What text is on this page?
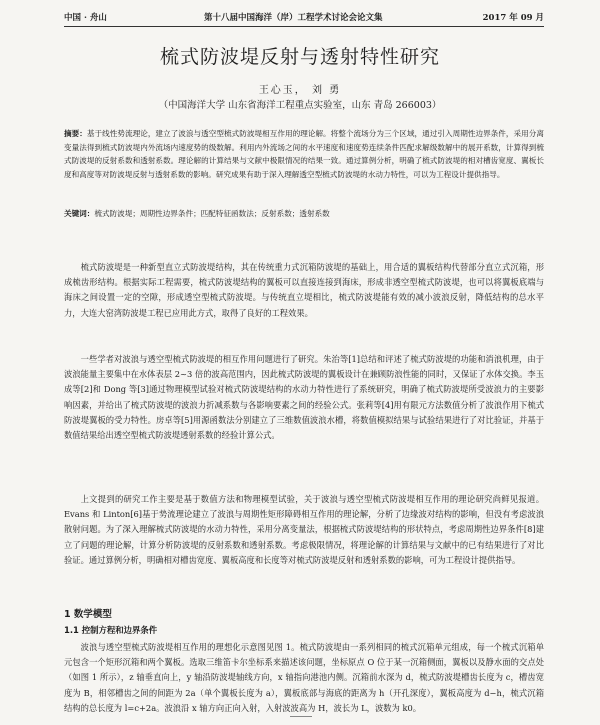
中国 · 舟山	第十八届中国海洋（岸）工程学术讨论会论文集	2017 年 09 月
梳式防波堤反射与透射特性研究
王心玉， 刘 勇
（中国海洋大学 山东省海洋工程重点实验室，山东 青岛 266003）
摘要：基于线性势流理论，建立了波浪与透空型梳式防波堤相互作用的理论解。将整个流场分为三个区域，通过引入周期性边界条件，采用分离变量法得到梳式防波堤内外流场内速度势的级数解。利用内外流场之间的水平速度和速度势连续条件匹配求解级数解中的展开系数，计算得到梳式防波堤的反射系数和透射系数。理论解的计算结果与文献中极限情况的结果一致。通过算例分析，明确了梳式防波堤的相对槽齿宽度、翼板长度和高度等对防波堤反射与透射系数的影响。研究成果有助于深入理解透空型梳式防波堤的水动力特性，可以为工程设计提供指导。
关键词：梳式防波堤；周期性边界条件；匹配特征函数法；反射系数；透射系数

梳式防波堤是一种新型直立式防波堤结构，其在传统重力式沉箱防波堤的基础上，用合适的翼板结构代替部分直立式沉箱，形成梳齿形结构。根据实际工程需要，梳式防波堤结构的翼板可以直接连接到海床，形成非透空型梳式防波堤，也可以将翼板底端与海床之间设置一定的空隙，形成透空型梳式防波堤。与传统直立堤相比，梳式防波堤能有效的减小波浪反射，降低结构的总水平力，大连大窑湾防波堤工程已应用此方式，取得了良好的工程效果。

一些学者对波浪与透空型梳式防波堤的相互作用问题进行了研究。朱治等[1]总结和评述了梳式防波堤的功能和消浪机理，由于波浪能量主要集中在水体表层 2~3 倍的波高范围内，因此梳式防波堤的翼板设计在兼顾防浪性能的同时，又保证了水体交换。李玉成等[2]和 Dong 等[3]通过物理模型试验对梳式防波堤结构的水动力特性进行了系统研究，明确了梳式防波堤所受波浪力的主要影响因素，并给出了梳式防波堤的波浪力折减系数与各影响要素之间的经验公式。张莉等[4]用有限元方法数值分析了波浪作用下梳式防波堤翼板的受力特性。房卓等[5]用源函数法分别建立了三维数值波浪水槽，将数值模拟结果与试验结果进行了对比验证，并基于数值结果给出透空型梳式防波堤透射系数的经验计算公式。

上文提到的研究工作主要是基于数值方法和物理模型试验，关于波浪与透空型梳式防波堤相互作用的理论研究尚鲜见报道。Evans 和 Linton[6]基于势流理论建立了波浪与周期性矩形障碍相互作用的理论解，分析了边缘波对结构的影响，但没有考虑波浪散射问题。为了深入理解梳式防波堤的水动力特性，采用分离变量法，根据梳式防波堤结构的形状特点，考虑周期性边界条件[8]建立了问题的理论解，计算分析防波堤的反射系数和透射系数。考虑极限情况，将理论解的计算结果与文献中的已有结果进行了对比验证。通过算例分析，明确相对槽齿宽度、翼板高度和长度等对梳式防波堤反射和透射系数的影响，可为工程设计提供指导。

1 数学模型
1.1 控制方程和边界条件

波浪与透空型梳式防波堤相互作用的理想化示意图见图 1。梳式防波堤由一系列相同的梳式沉箱单元组成，每一个梳式沉箱单元包含一个矩形沉箱和两个翼板。选取三维笛卡尔坐标系来描述该问题，坐标原点 O 位于某一沉箱侧面，翼板以及静水面的交点处（如图 1 所示），z 轴垂直向上，y 轴沿防波堤轴线方向，x 轴指向港池内侧。沉箱前水深为 d，梳式防波堤槽齿长度为 c，槽齿宽度为 B，相邻槽齿之间的间距为 2a（单个翼板长度为 a），翼板底部与海底的距离为 h（开孔深度），翼板高度为 d−h，梳式沉箱结构的总长度为 l=c+2a。波浪沿 x 轴方向正向入射，入射波波高为 H，波长为 L，波数为 k0。
